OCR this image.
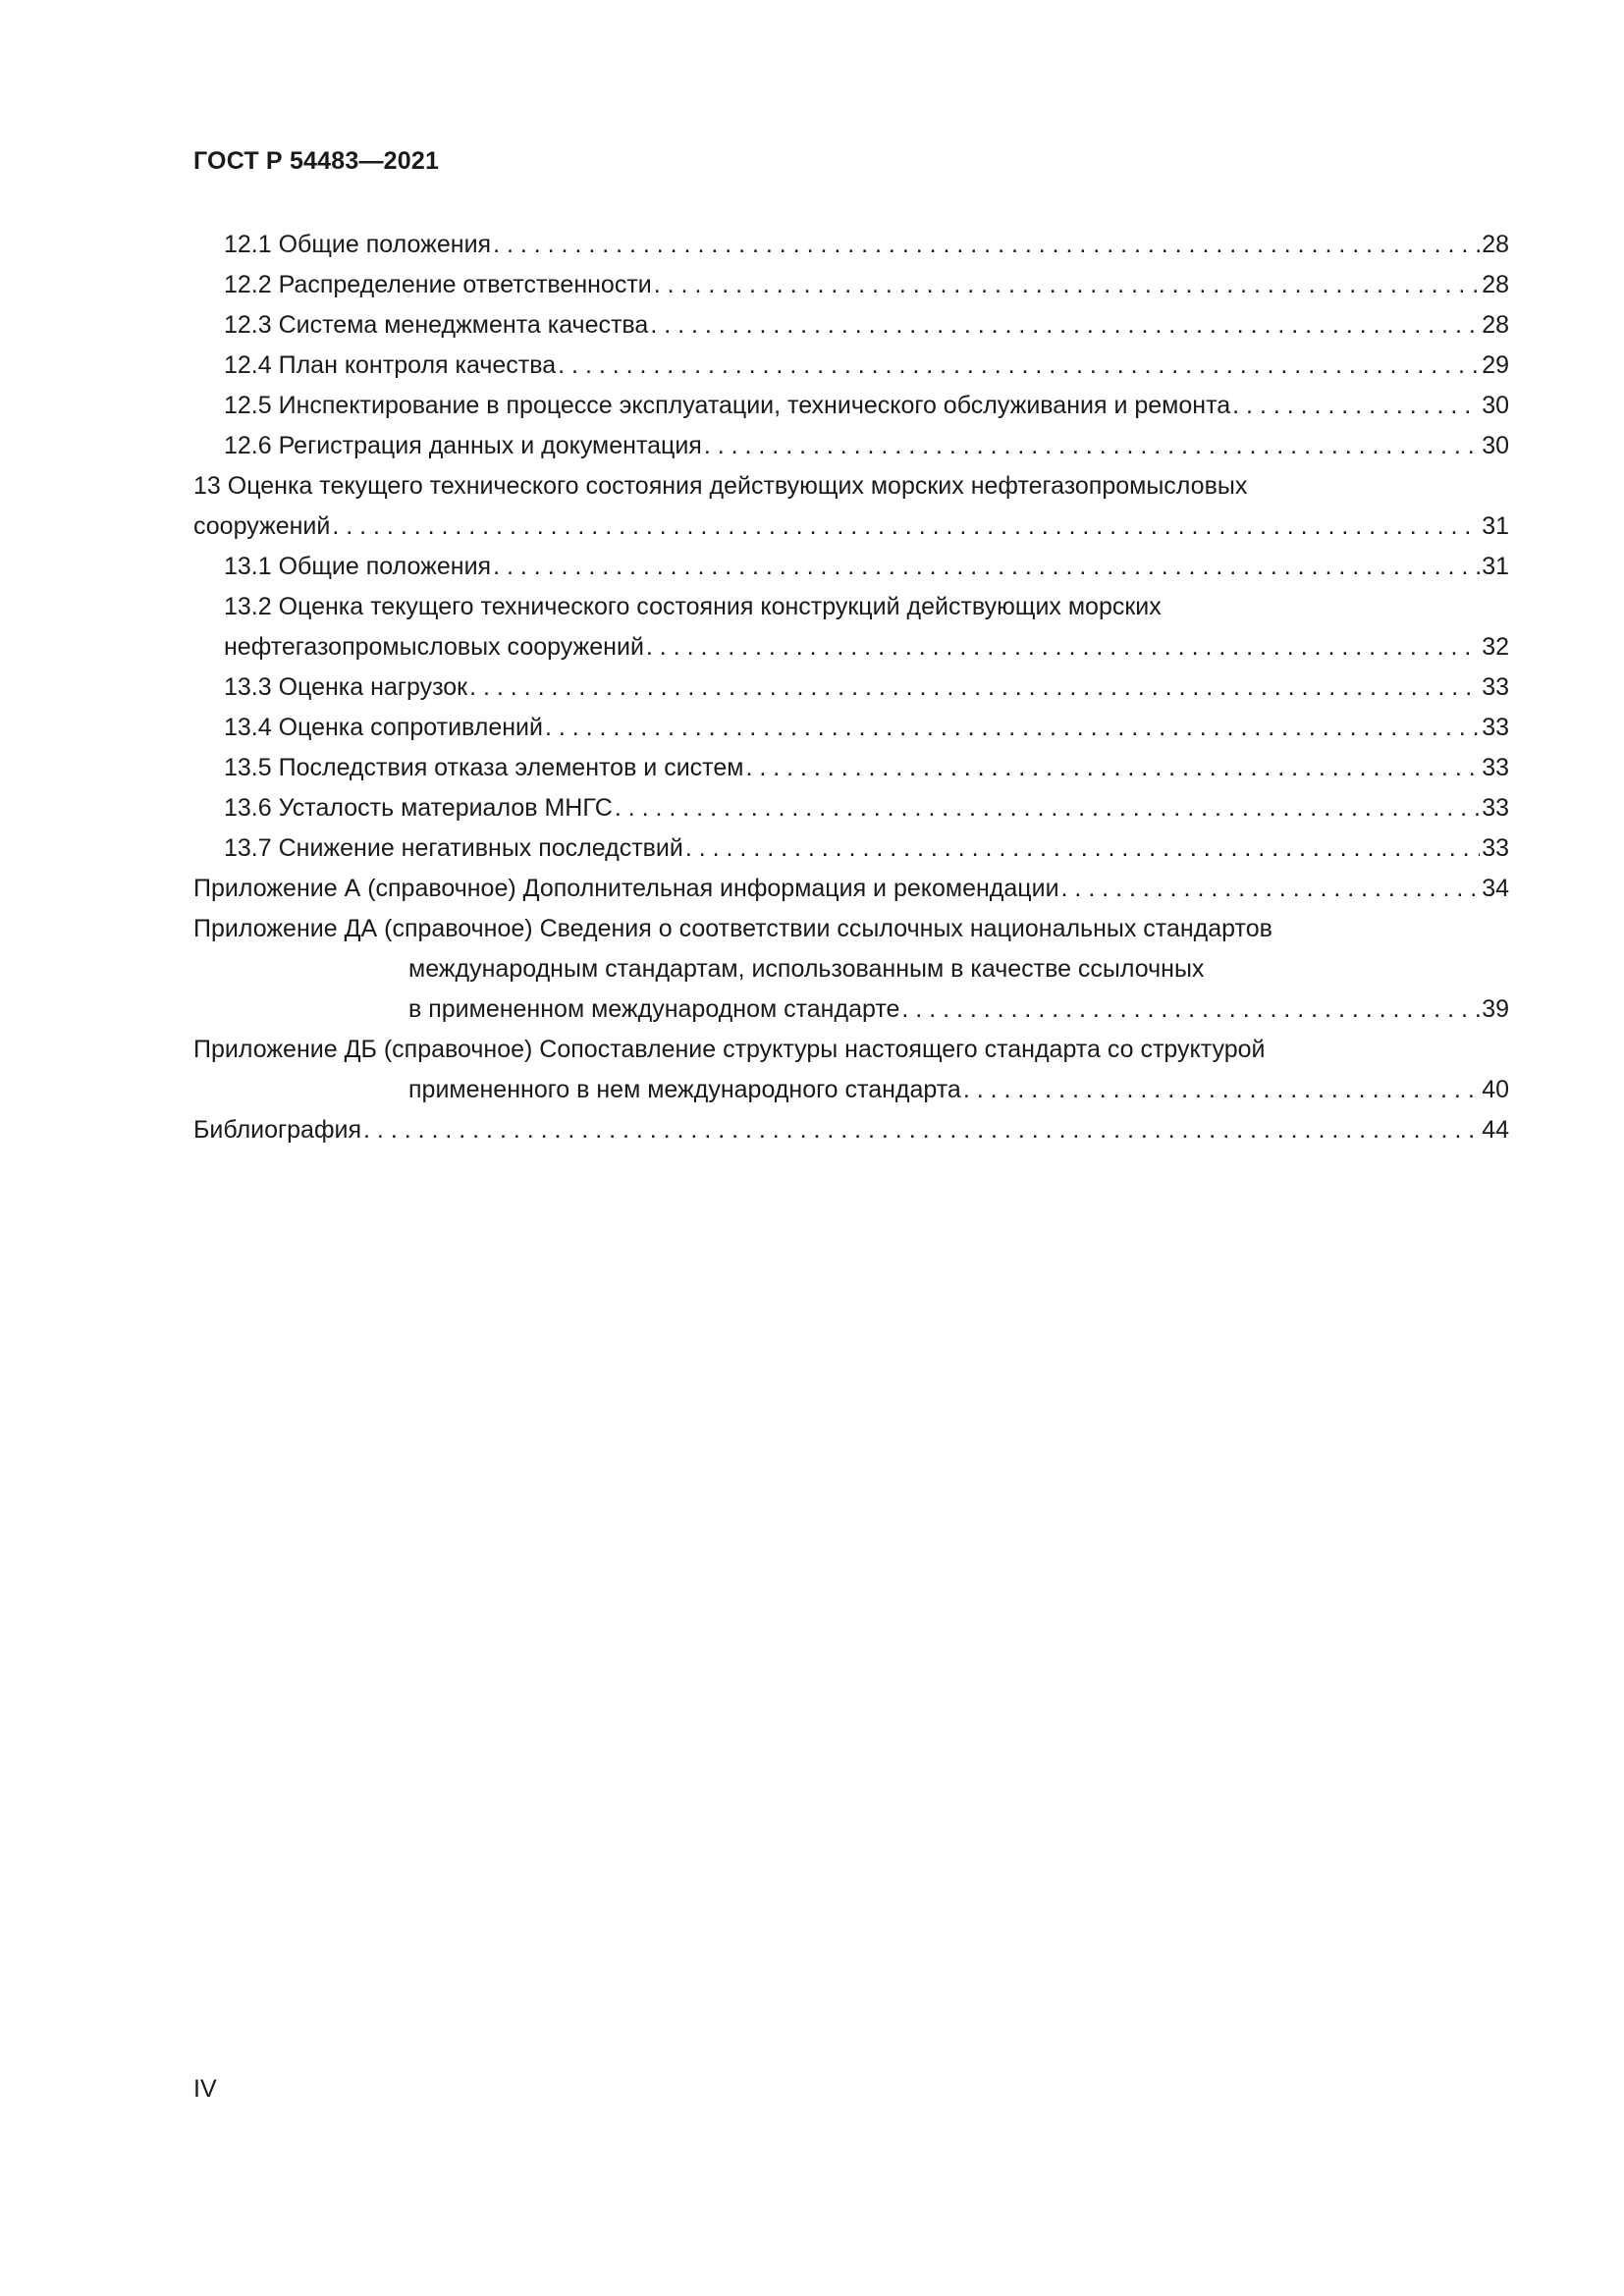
ГОСТ Р 54483—2021
12.1 Общие положения . . .	28
12.2 Распределение ответственности . . .	28
12.3 Система менеджмента качества . . .	28
12.4 План контроля качества . . .	29
12.5 Инспектирование в процессе эксплуатации, технического обслуживания и ремонта . . .	30
12.6 Регистрация данных и документация . . .	30
13 Оценка текущего технического состояния действующих морских нефтегазопромысловых
сооружений . . .	31
13.1 Общие положения . . .	31
13.2 Оценка текущего технического состояния конструкций действующих морских
нефтегазопромысловых сооружений . . .	32
13.3 Оценка нагрузок . . .	33
13.4 Оценка сопротивлений . . .	33
13.5 Последствия отказа элементов и систем . . .	33
13.6 Усталость материалов МНГС . . .	33
13.7 Снижение негативных последствий . . .	33
Приложение А (справочное) Дополнительная информация и рекомендации . . .	34
Приложение ДА (справочное) Сведения о соответствии ссылочных национальных стандартов
международным стандартам, использованным в качестве ссылочных
в примененном международном стандарте . . .	39
Приложение ДБ (справочное) Сопоставление структуры настоящего стандарта со структурой
примененного в нем международного стандарта . . .	40
Библиография . . .	44
IV
